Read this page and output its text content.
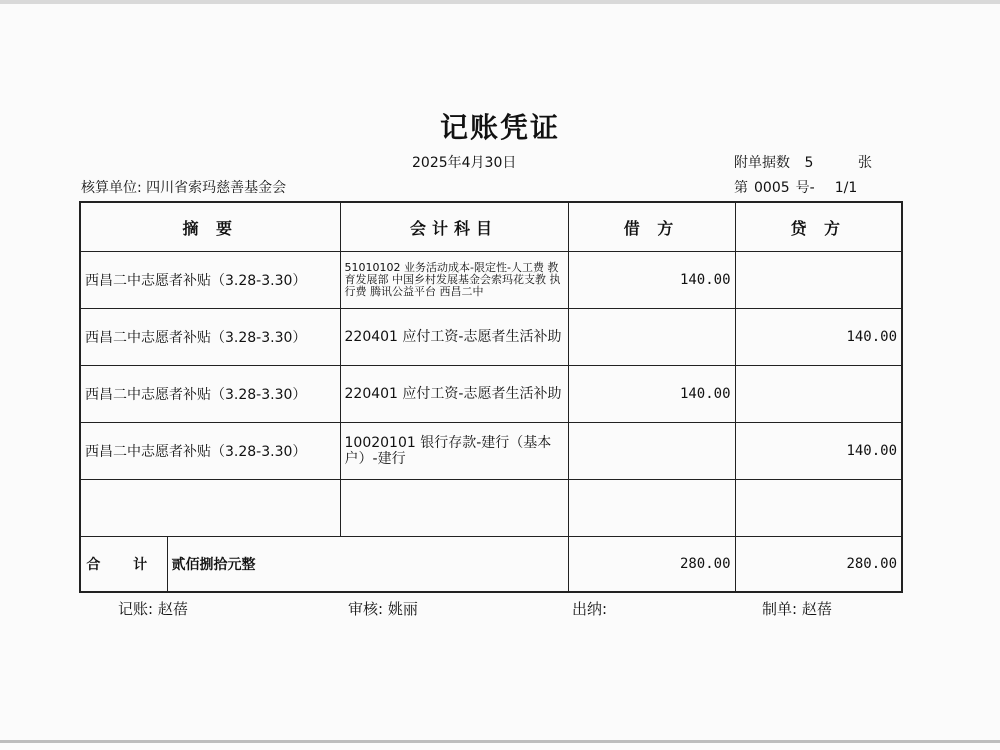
记账凭证
2025年4月30日	附单据数 5	张
核算单位: 四川省索玛慈善基金会	第 0005 号- 1/1
摘 要		会计科目	借 方	贷 方
西昌二中志愿者补贴（3.28-3.30）		51010102 业务活动成本-限定性-人工费 教育发展部 中国乡村发展基金会索玛花支教 执行费 腾讯公益平台 西昌二中	140.00	
西昌二中志愿者补贴（3.28-3.30）		220401 应付工资-志愿者生活补助		140.00
西昌二中志愿者补贴（3.28-3.30）		220401 应付工资-志愿者生活补助	140.00	
西昌二中志愿者补贴（3.28-3.30）		10020101 银行存款-建行（基本户）-建行		140.00

合 计	贰佰捌拾元整		280.00	280.00
记账: 赵蓓	审核: 姚丽	出纳:	制单: 赵蓓
